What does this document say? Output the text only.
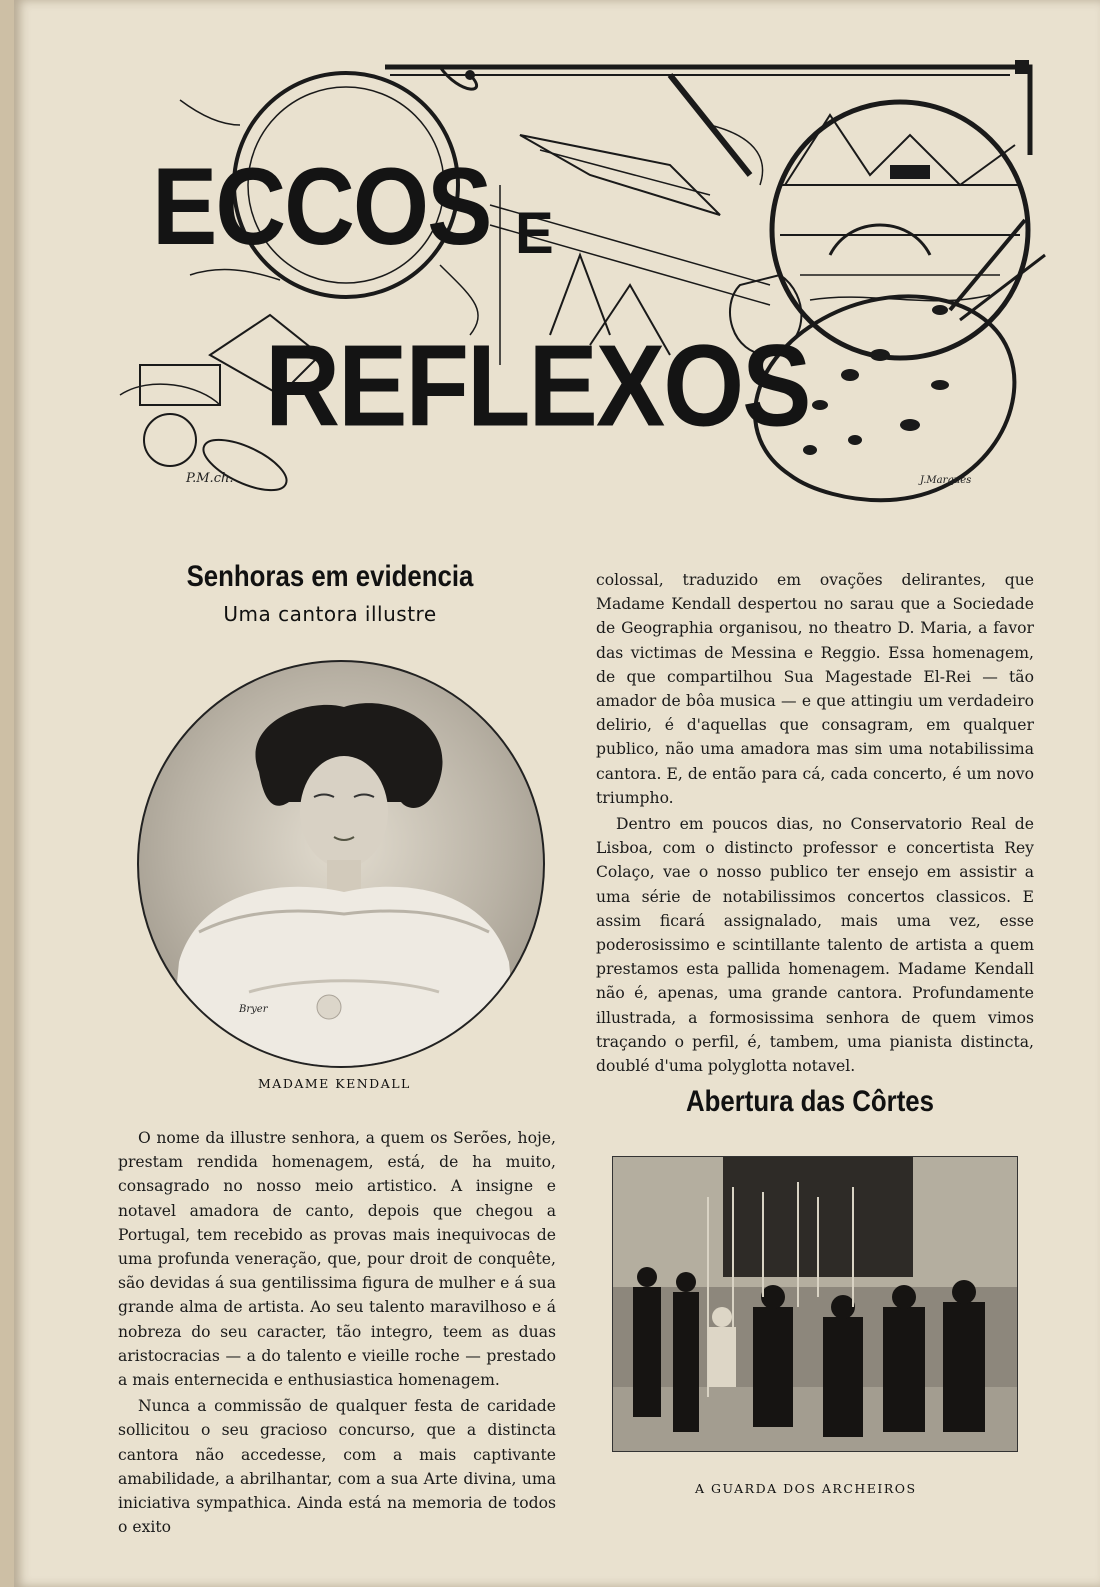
ECCOS E
REFLEXOS
P.M.ch.	J.Marques
Senhoras em evidencia
Uma cantora illustre
Bryer
MADAME KENDALL

O nome da illustre senhora, a quem os Serões, hoje, prestam rendida homenagem, está, de ha muito, consagrado no nosso meio artistico. A insigne e notavel amadora de canto, depois que chegou a Portugal, tem recebido as provas mais inequivocas de uma profunda veneração, que, pour droit de conquête, são devidas á sua gentilissima figura de mulher e á sua grande alma de artista. Ao seu talento maravilhoso e á nobreza do seu caracter, tão integro, teem as duas aristocracias — a do talento e vieille roche — prestado a mais enternecida e enthusiastica homenagem.

Nunca a commissão de qualquer festa de caridade sollicitou o seu gracioso concurso, que a distincta cantora não accedesse, com a mais captivante amabilidade, a abrilhantar, com a sua Arte divina, uma iniciativa sympathica. Ainda está na memoria de todos o exito

colossal, traduzido em ovações delirantes, que Madame Kendall despertou no sarau que a Sociedade de Geographia organisou, no theatro D. Maria, a favor das victimas de Messina e Reggio. Essa homenagem, de que compartilhou Sua Magestade El-Rei — tão amador de bôa musica — e que attingiu um verdadeiro delirio, é d'aquellas que consagram, em qualquer publico, não uma amadora mas sim uma notabilissima cantora. E, de então para cá, cada concerto, é um novo triumpho.

Dentro em poucos dias, no Conservatorio Real de Lisboa, com o distincto professor e concertista Rey Colaço, vae o nosso publico ter ensejo em assistir a uma série de notabilissimos concertos classicos. E assim ficará assignalado, mais uma vez, esse poderosissimo e scintillante talento de artista a quem prestamos esta pallida homenagem. Madame Kendall não é, apenas, uma grande cantora. Profundamente illustrada, a formosissima senhora de quem vimos traçando o perfil, é, tambem, uma pianista distincta, doublé d'uma polyglotta notavel.

Abertura das Côrtes
A GUARDA DOS ARCHEIROS
